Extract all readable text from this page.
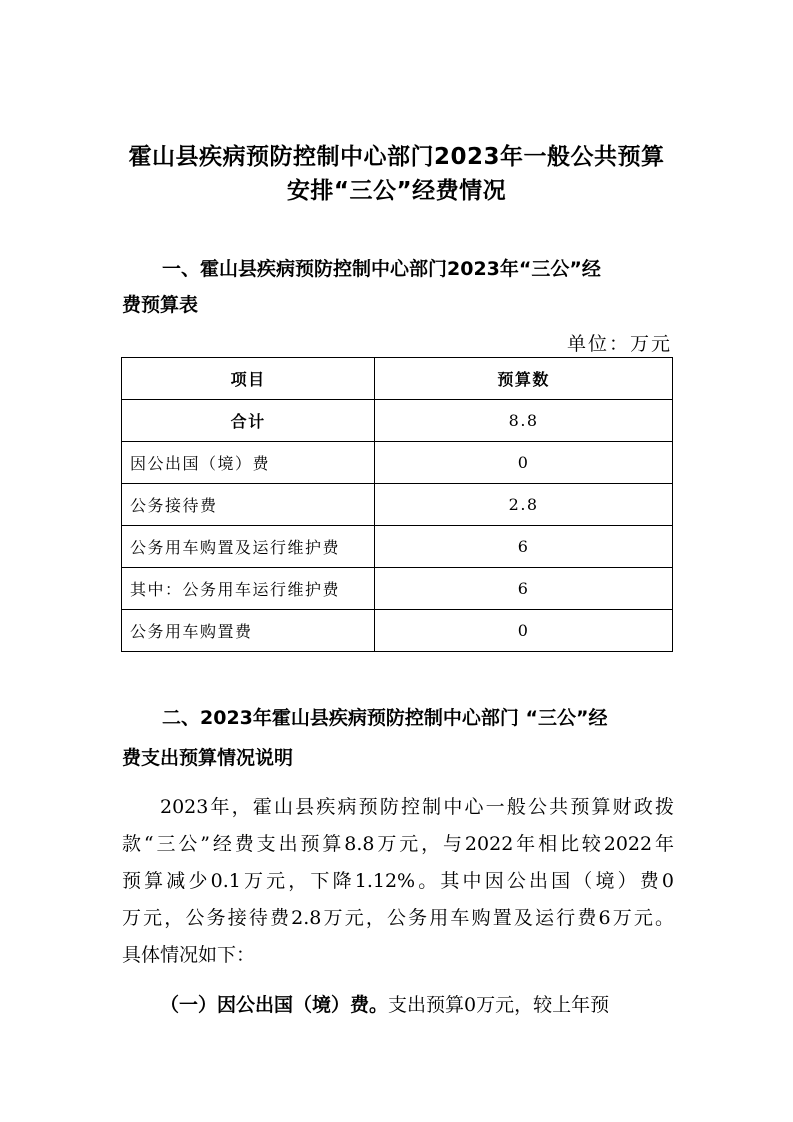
霍山县疾病预防控制中心部门2023年一般公共预算
安排“三公”经费情况
一、霍山县疾病预防控制中心部门2023年“三公”经
费预算表
单位：万元
项目	预算数
合计	8.8
因公出国（境）费	0
公务接待费	2.8
公务用车购置及运行维护费	6
其中：公务用车运行维护费	6
公务用车购置费	0
二、2023年霍山县疾病预防控制中心部门 “三公”经
费支出预算情况说明
2023年，霍山县疾病预防控制中心一般公共预算财政拨
款“三公”经费支出预算8.8万元，与2022年相比较2022年
预算减少0.1万元，下降1.12%。其中因公出国（境）费0
万元，公务接待费2.8万元，公务用车购置及运行费6万元。
具体情况如下：
（一）因公出国（境）费。支出预算0万元，较上年预
